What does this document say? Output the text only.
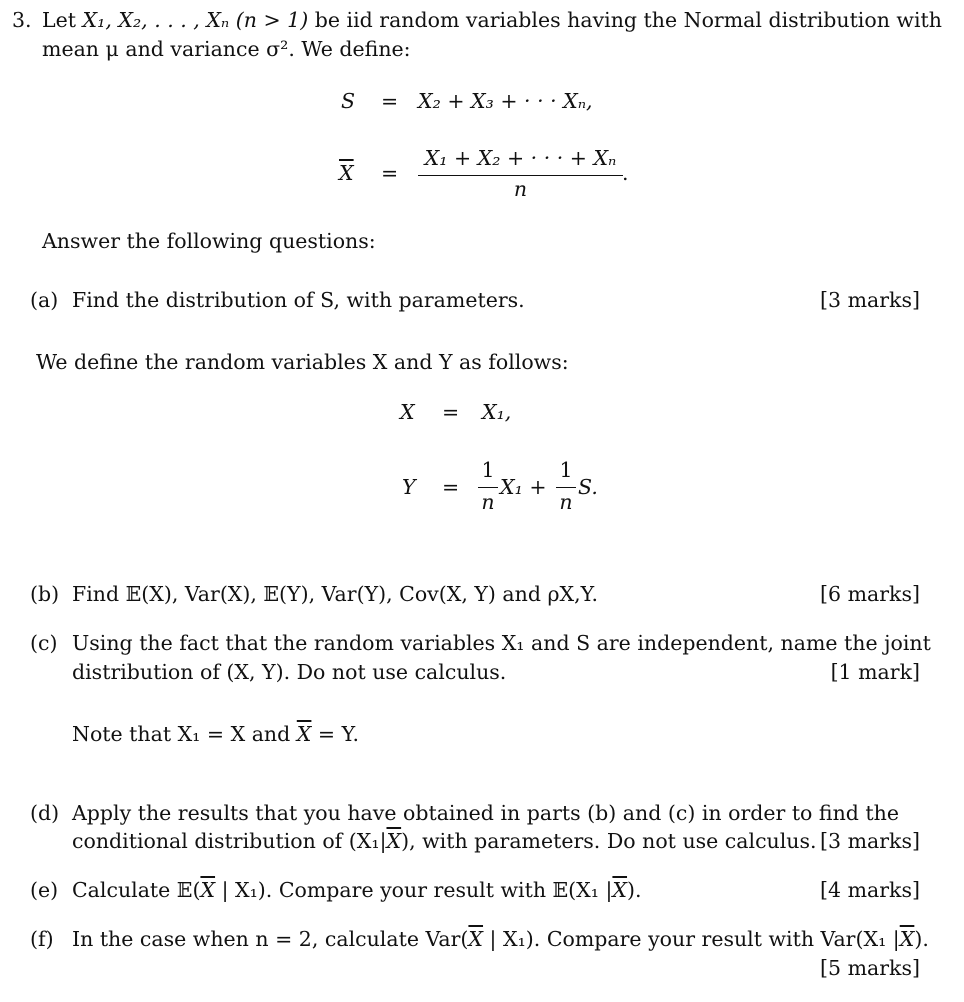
3. Let X₁, X₂, . . . , Xₙ (n > 1) be iid random variables having the Normal distribution with
mean μ and variance σ². We define:
S = X₂ + X₃ + · · · Xₙ,
$\overline{X}$ =
X₁ + X₂ + · · · + Xₙ
n
.
Answer the following questions:
(a) Find the distribution of S, with parameters.	[3 marks]
We define the random variables X and Y as follows:
X = X₁,
Y =
1
n
X₁ +
1
n
S.
(b) Find 𝔼(X), Var(X), 𝔼(Y), Var(Y), Cov(X, Y) and ρX,Y.	[6 marks]
(c) Using the fact that the random variables X₁ and S are independent, name the joint
distribution of (X, Y). Do not use calculus.	[1 mark]
Note that X₁ = X and $\overline{X} = Y$.
(d) Apply the results that you have obtained in parts (b) and (c) in order to find the
conditional distribution of $(X_1|\overline{X})$, with parameters. Do not use calculus. [3 marks]
(e) Calculate $𝔼(\overline{X}$ | X₁). Compare your result with 𝔼(X₁ $|\overline{X}$).	[4 marks]
(f) In the case when n = 2, calculate $Var(\overline{X}$ | X₁). Compare your result with Var(X₁ $|\overline{X}$).
[5 marks]
